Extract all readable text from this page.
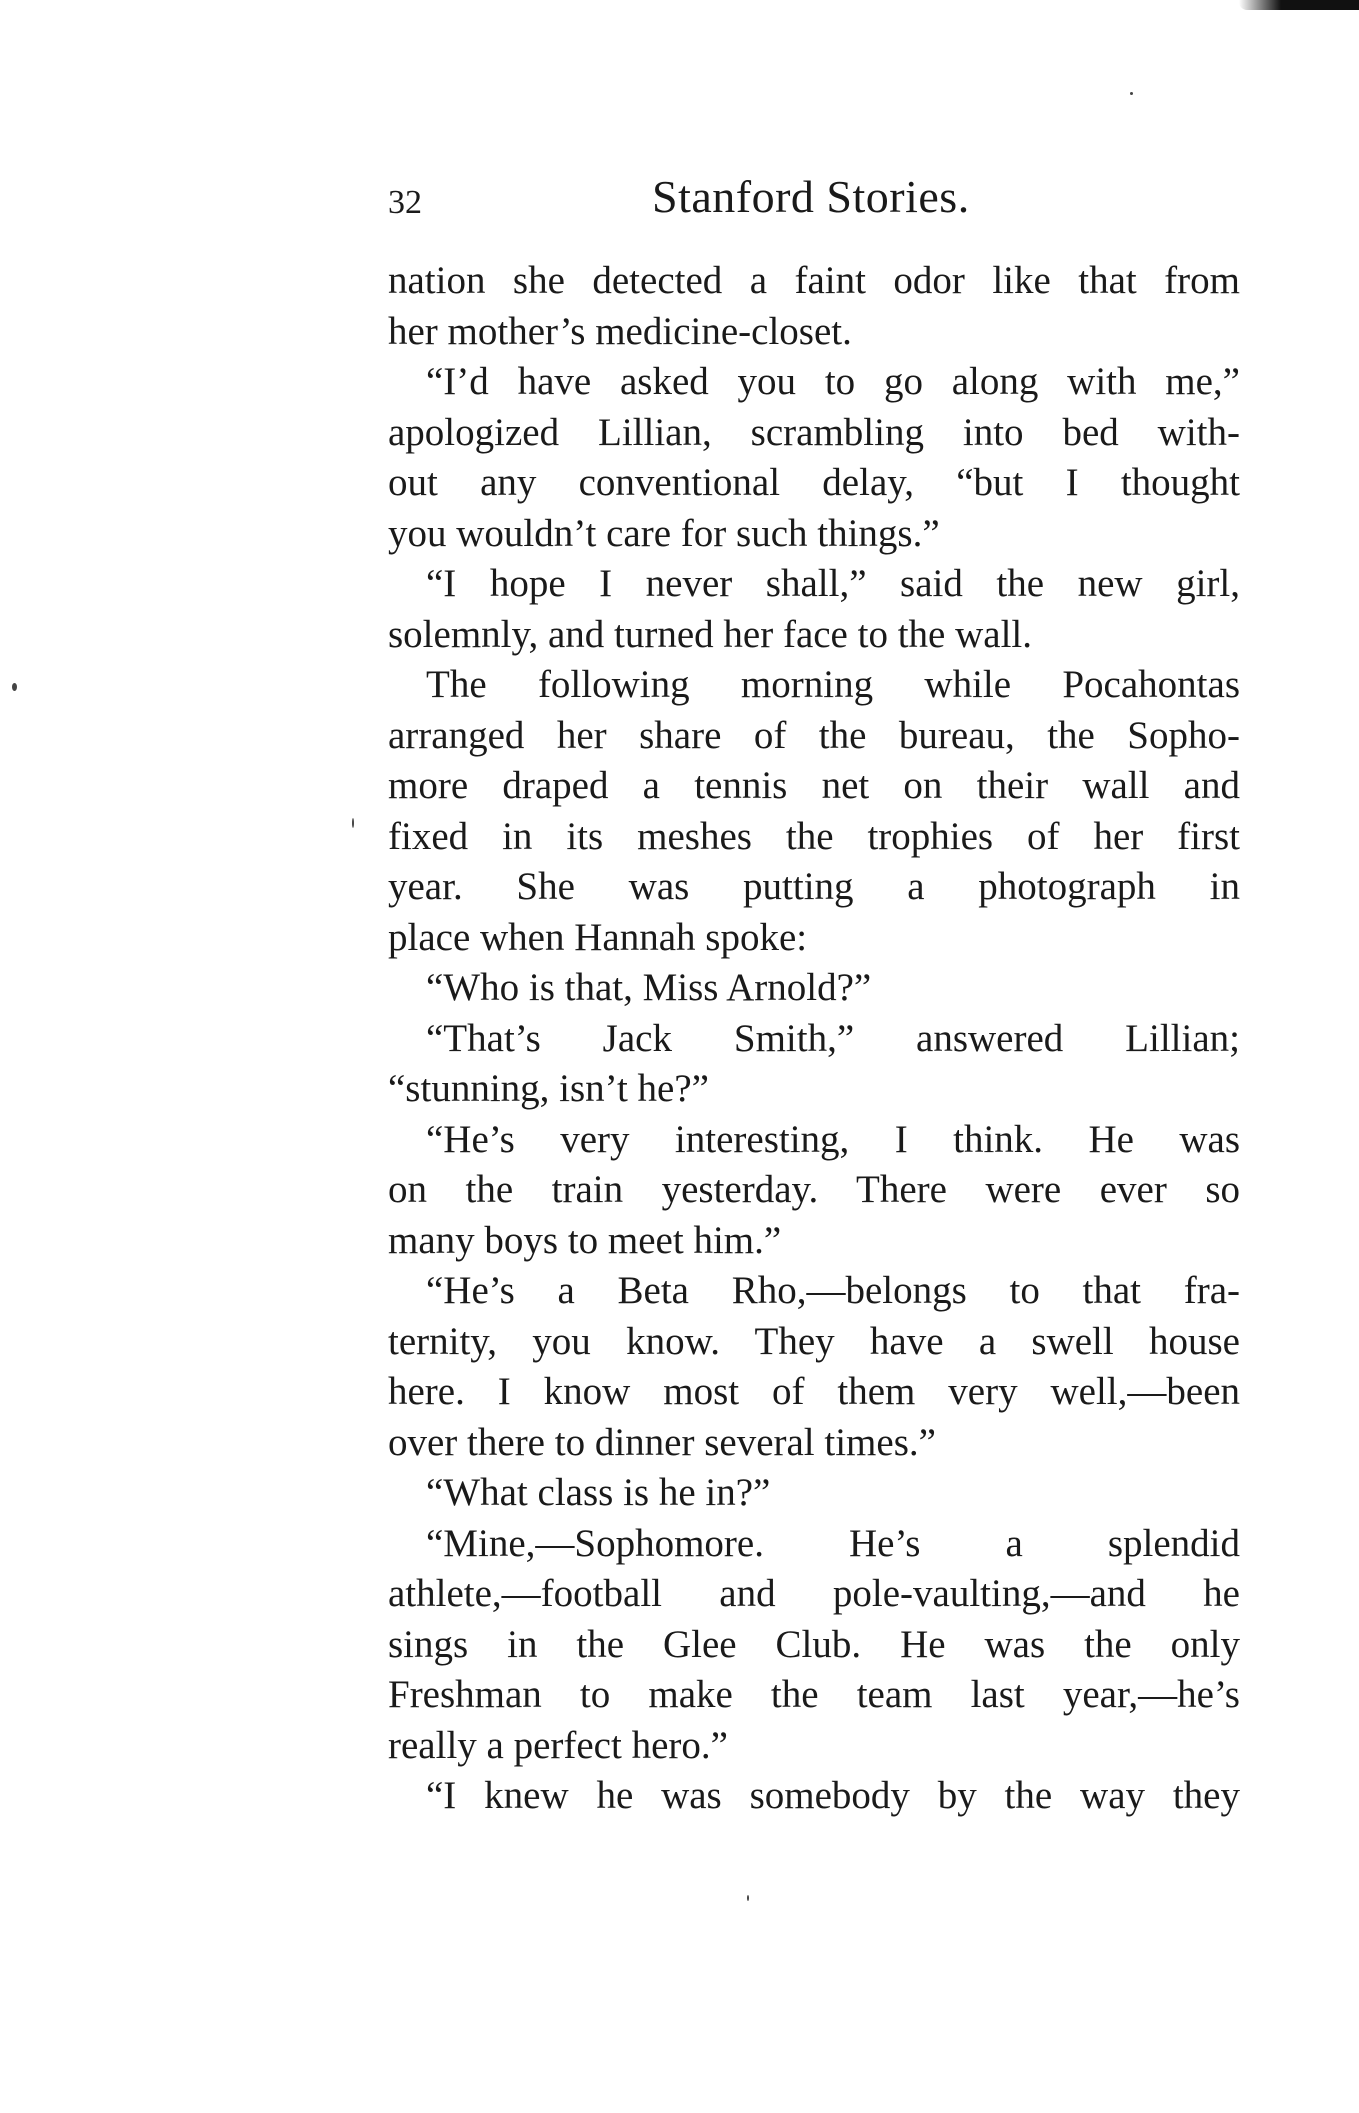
32	Stanford Stories.
nation she detected a faint odor like that from
her mother’s medicine-closet.
“I’d have asked you to go along with me,”
apologized Lillian, scrambling into bed with-
out any conventional delay, “but I thought
you wouldn’t care for such things.”
“I hope I never shall,” said the new girl,
solemnly, and turned her face to the wall.
The following morning while Pocahontas
arranged her share of the bureau, the Sopho-
more draped a tennis net on their wall and
fixed in its meshes the trophies of her first
year. She was putting a photograph in
place when Hannah spoke:
“Who is that, Miss Arnold?”
“That’s Jack Smith,” answered Lillian;
“stunning, isn’t he?”
“He’s very interesting, I think. He was
on the train yesterday. There were ever so
many boys to meet him.”
“He’s a Beta Rho,—belongs to that fra-
ternity, you know. They have a swell house
here. I know most of them very well,—been
over there to dinner several times.”
“What class is he in?”
“Mine,—Sophomore. He’s a splendid
athlete,—football and pole-vaulting,—and he
sings in the Glee Club. He was the only
Freshman to make the team last year,—he’s
really a perfect hero.”
“I knew he was somebody by the way they
